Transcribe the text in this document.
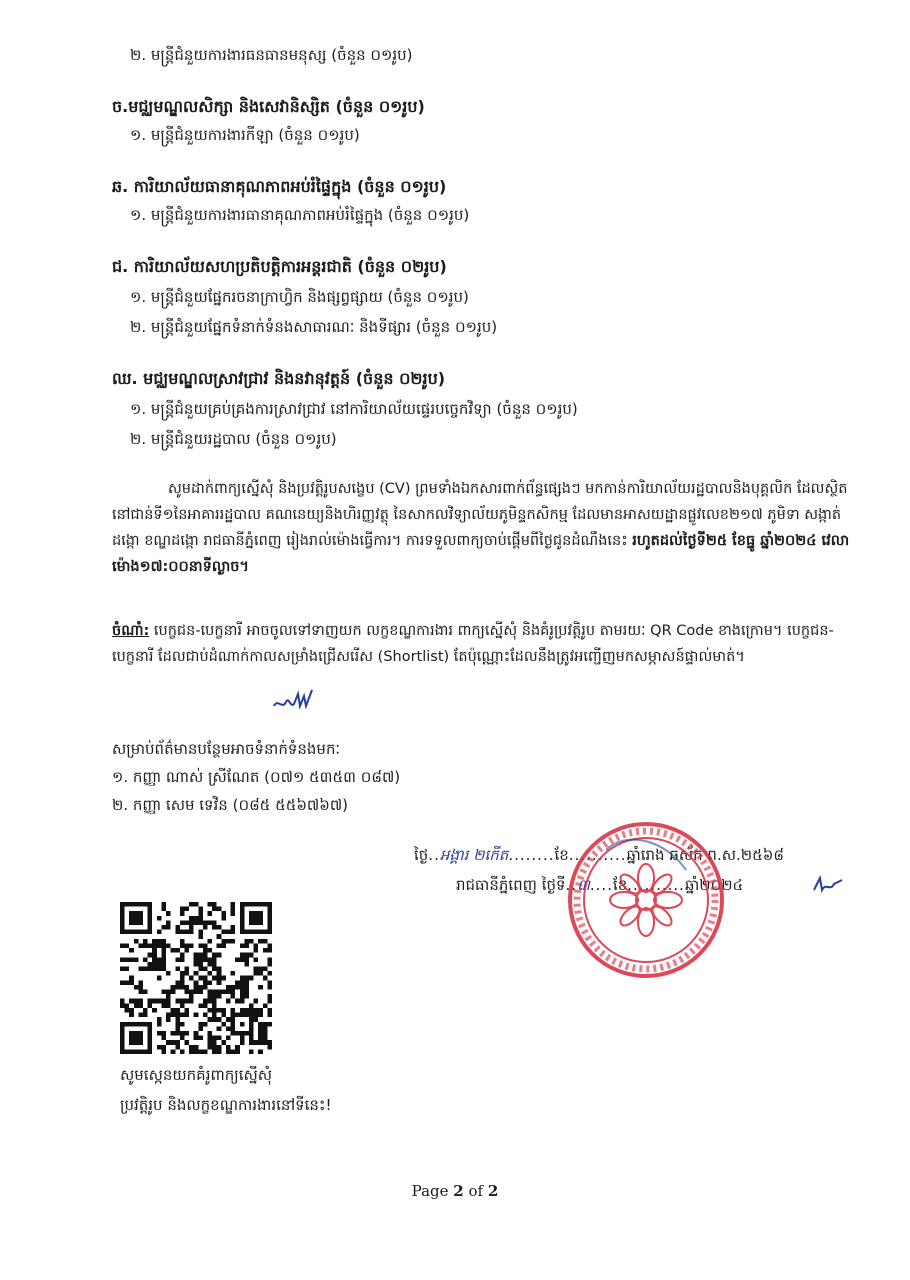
២. មន្ត្រីជំនួយការងារធនធានមនុស្ស (ចំនួន ០១រូប)
ច.មជ្ឈមណ្ឌលសិក្សា និងសេវានិស្សិត (ចំនួន ០១រូប)
១. មន្ត្រីជំនួយការងារកីឡា (ចំនួន ០១រូប)
ឆ. ការិយាល័យធានាគុណភាពអប់រំផ្ទៃក្នុង (ចំនួន ០១រូប)
១. មន្ត្រីជំនួយការងារធានាគុណភាពអប់រំផ្ទៃក្នុង (ចំនួន ០១រូប)
ជ. ការិយាល័យសហប្រតិបត្តិការអន្តរជាតិ (ចំនួន ០២រូប)
១. មន្ត្រីជំនួយផ្នែករចនាក្រាហ្វិក និងផ្សព្វផ្សាយ (ចំនួន ០១រូប)
២. មន្ត្រីជំនួយផ្នែកទំនាក់ទំនងសាធារណៈ និងទីផ្សារ (ចំនួន ០១រូប)
ឈ. មជ្ឈមណ្ឌលស្រាវជ្រាវ និងនវានុវត្តន៍ (ចំនួន ០២រូប)
១. មន្ត្រីជំនួយគ្រប់គ្រងការស្រាវជ្រាវ នៅការិយាល័យផ្ទេរបច្ចេកវិទ្យា (ចំនួន ០១រូប)
២. មន្ត្រីជំនួយរដ្ឋបាល (ចំនួន ០១រូប)

សូមដាក់ពាក្យស្នើសុំ និងប្រវត្តិរូបសង្ខេប (CV) ព្រមទាំងឯកសារពាក់ព័ន្ធផ្សេងៗ មកកាន់ការិយាល័យរដ្ឋបាលនិងបុគ្គលិក ដែលស្ថិតនៅជាន់ទី១នៃអាគាររដ្ឋបាល គណនេយ្យនិងហិរញ្ញវត្ថុ នៃសាកលវិទ្យាល័យភូមិន្ទកសិកម្ម ដែលមានអាសយដ្ឋានផ្លូវលេខ២១៧ ភូមិទា សង្កាត់ដង្កោ ខណ្ឌដង្កោ រាជធានីភ្នំពេញ រៀងរាល់ម៉ោងធ្វើការ។ ការទទួលពាក្យចាប់ផ្តើមពីថ្ងៃជូនដំណឹងនេះ រហូតដល់ថ្ងៃទី២៥ ខែធ្នូ ឆ្នាំ២០២៤ វេលាម៉ោង១៧:០០នាទីល្ងាច។

ចំណាំ: បេក្ខជន-បេក្ខនារី អាចចូលទៅទាញយក លក្ខខណ្ឌការងារ ពាក្យស្នើសុំ និងគំរូប្រវត្តិរូប តាមរយៈ QR Code ខាងក្រោម។ បេក្ខជន-បេក្ខនារី ដែលជាប់ដំណាក់កាលសម្រាំងជ្រើសរើស (Shortlist) តែប៉ុណ្ណោះដែលនឹងត្រូវអញ្ជើញមកសម្ភាសន៍ផ្ទាល់មាត់។

សម្រាប់ព័ត៌មានបន្ថែមអាចទំនាក់ទំនងមកៈ
១. កញ្ញា ណាស់ ស្រីណែត (០៧១ ៥៣៥៣ ០៨៧)
២. កញ្ញា សេម ទេវិន (០៨៥ ៥៥៦៧៦៧)
ថ្ងៃ..អង្គារ ២កើត........ខែ..........ឆ្នាំរោង ឆស័ក ព.ស.២៥៦៨
រាជធានីភ្នំពេញ ថ្ងៃទី..៣....ខែ..........ឆ្នាំ២០២៤
សូមស្កេនយកគំរូពាក្យស្នើសុំ
ប្រវត្តិរូប និងលក្ខខណ្ឌការងារនៅទីនេះ!
Page 2 of 2
